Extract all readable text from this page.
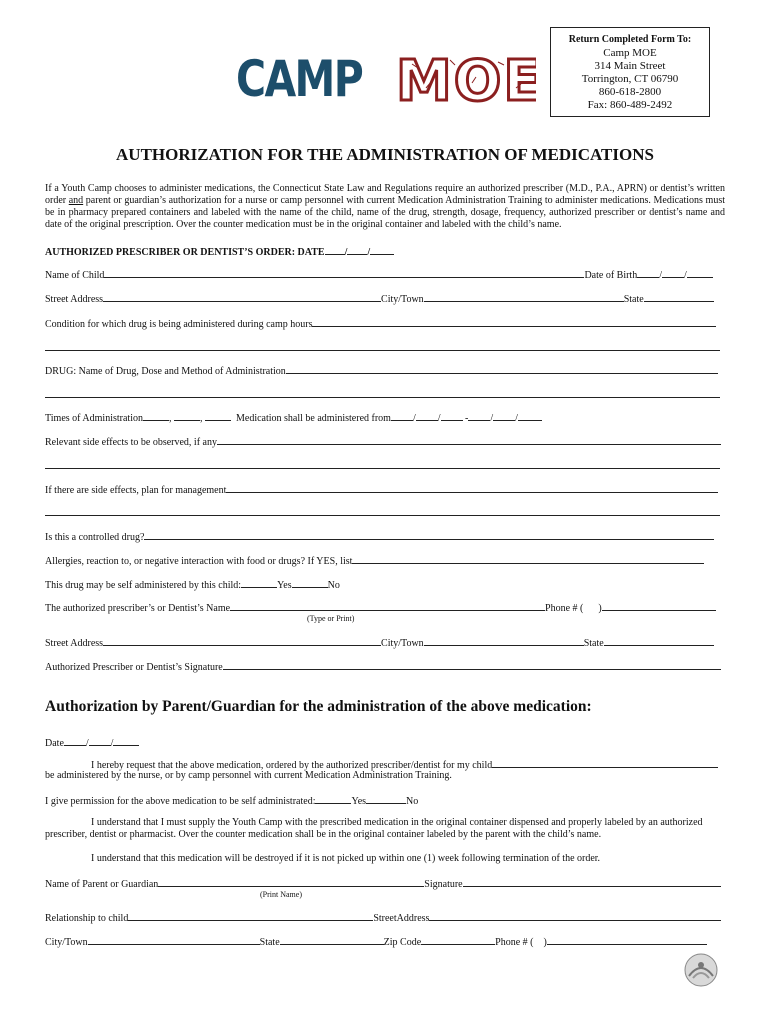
CAMP MOE
Return Completed Form To:
Camp MOE
314 Main Street
Torrington, CT 06790
860-618-2800
Fax: 860-489-2492
AUTHORIZATION FOR THE ADMINISTRATION OF MEDICATIONS
If a Youth Camp chooses to administer medications, the Connecticut State Law and Regulations require an authorized prescriber (M.D., P.A., APRN) or dentist’s written order and parent or guardian’s authorization for a nurse or camp personnel with current Medication Administration Training to administer medications. Medications must be in pharmacy prepared containers and labeled with the name of the child, name of the drug, strength, dosage, frequency, authorized prescriber or dentist’s name and date of the original prescription. Over the counter medication must be in the original container and labeled with the child’s name.
AUTHORIZED PRESCRIBER OR DENTIST’S ORDER: DATE / /
Name of Child	Date of Birth / /
Street Address	City/Town	State
Condition for which drug is being administered during camp hours
DRUG: Name of Drug, Dose and Method of Administration
Times of Administration	,	,	Medication shall be administered from / / - / /
Relevant side effects to be observed, if any
If there are side effects, plan for management
Is this a controlled drug?
Allergies, reaction to, or negative interaction with food or drugs? If YES, list
This drug may be self administered by this child:	Yes	No
The authorized prescriber’s or Dentist’s Name	Phone # ( )
(Type or Print)
Street Address	City/Town	State
Authorized Prescriber or Dentist’s Signature
Authorization by Parent/Guardian for the administration of the above medication:
Date / /
I hereby request that the above medication, ordered by the authorized prescriber/dentist for my child
be administered by the nurse, or by camp personnel with current Medication Administration Training.
I give permission for the above medication to be self administrated:	Yes	No
I understand that I must supply the Youth Camp with the prescribed medication in the original container dispensed and properly labeled by an authorized
prescriber, dentist or pharmacist. Over the counter medication shall be in the original container labeled by the parent with the child’s name.
I understand that this medication will be destroyed if it is not picked up within one (1) week following termination of the order.
Name of Parent or Guardian	Signature
(Print Name)
Relationship to child	StreetAddress
City/Town	State	Zip Code	Phone # ( )
